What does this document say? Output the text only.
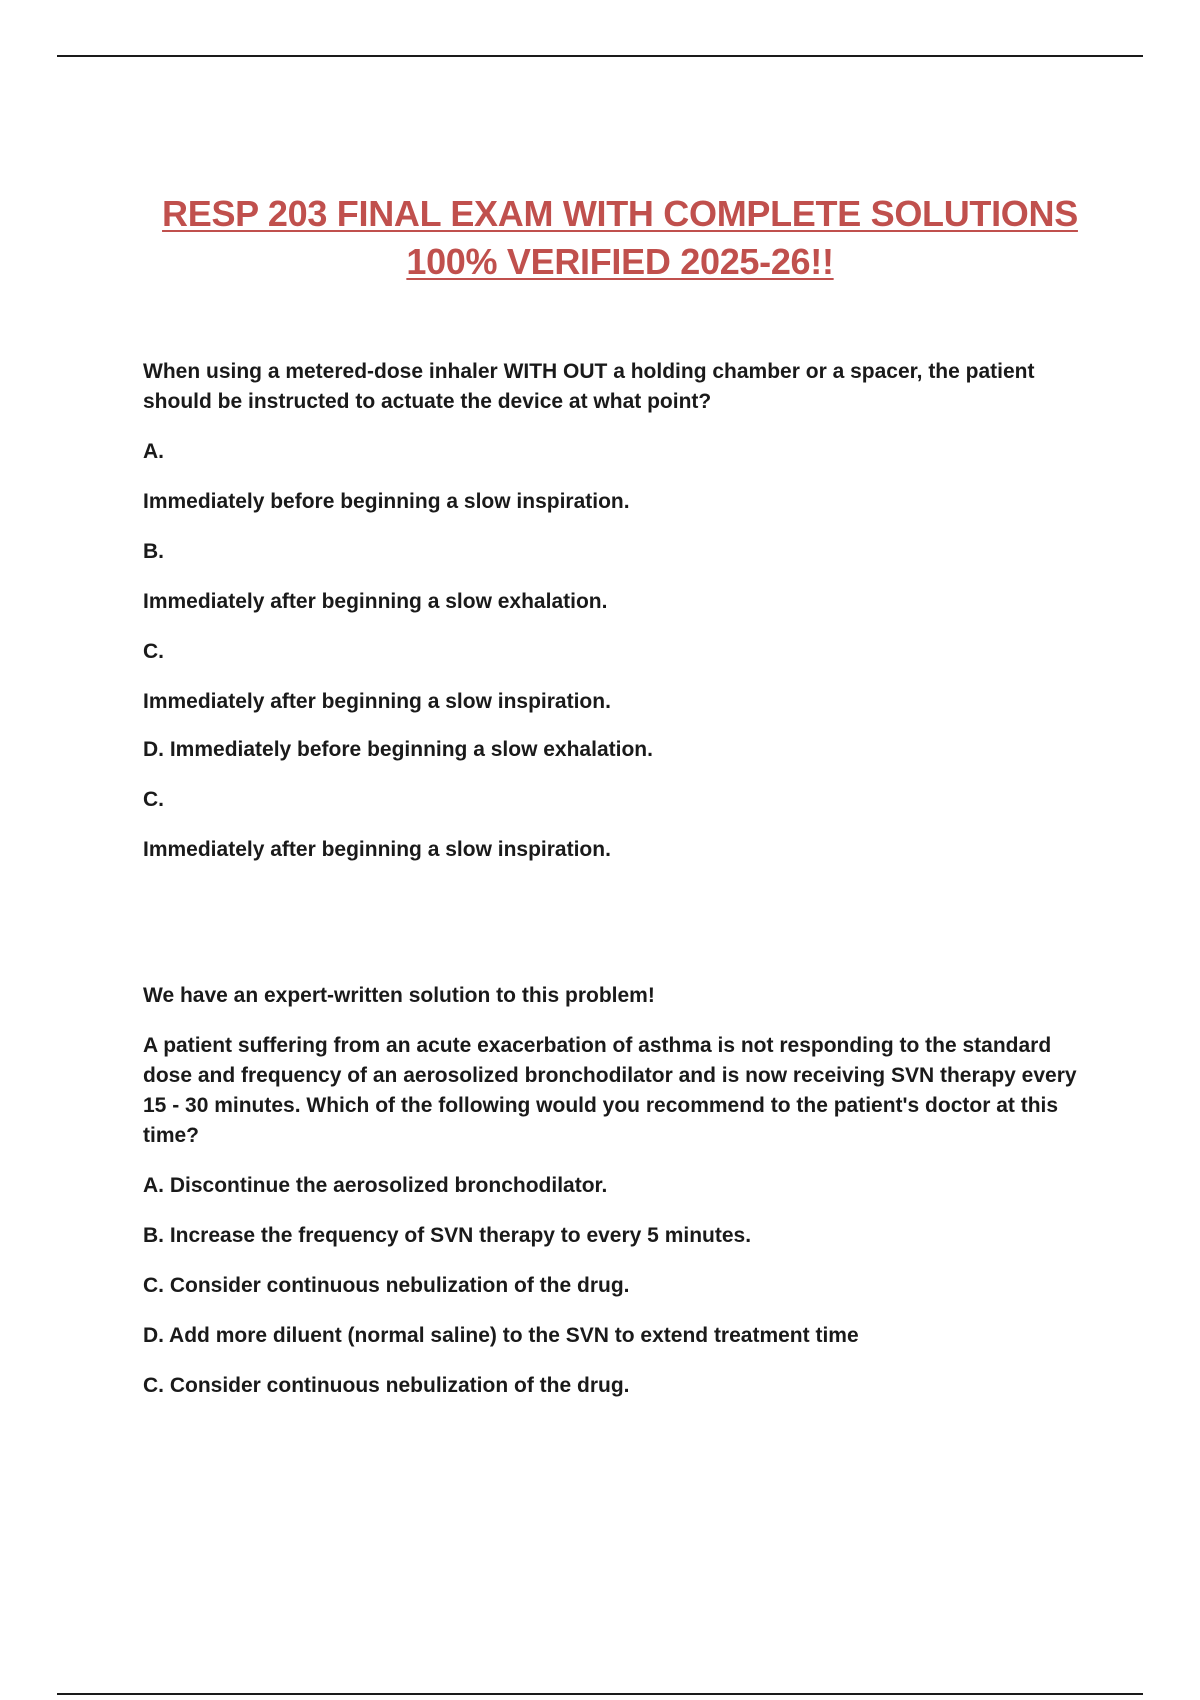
RESP 203 FINAL EXAM WITH COMPLETE SOLUTIONS
100% VERIFIED 2025-26!!

When using a metered-dose inhaler WITH OUT a holding chamber or a spacer, the patient should be instructed to actuate the device at what point?

A.

Immediately before beginning a slow inspiration.

B.

Immediately after beginning a slow exhalation.

C.

Immediately after beginning a slow inspiration.

D. Immediately before beginning a slow exhalation.

C.

Immediately after beginning a slow inspiration.

We have an expert-written solution to this problem!

A patient suffering from an acute exacerbation of asthma is not responding to the standard dose and frequency of an aerosolized bronchodilator and is now receiving SVN therapy every 15 - 30 minutes. Which of the following would you recommend to the patient's doctor at this time?

A. Discontinue the aerosolized bronchodilator.

B. Increase the frequency of SVN therapy to every 5 minutes.

C. Consider continuous nebulization of the drug.

D. Add more diluent (normal saline) to the SVN to extend treatment time

C. Consider continuous nebulization of the drug.
